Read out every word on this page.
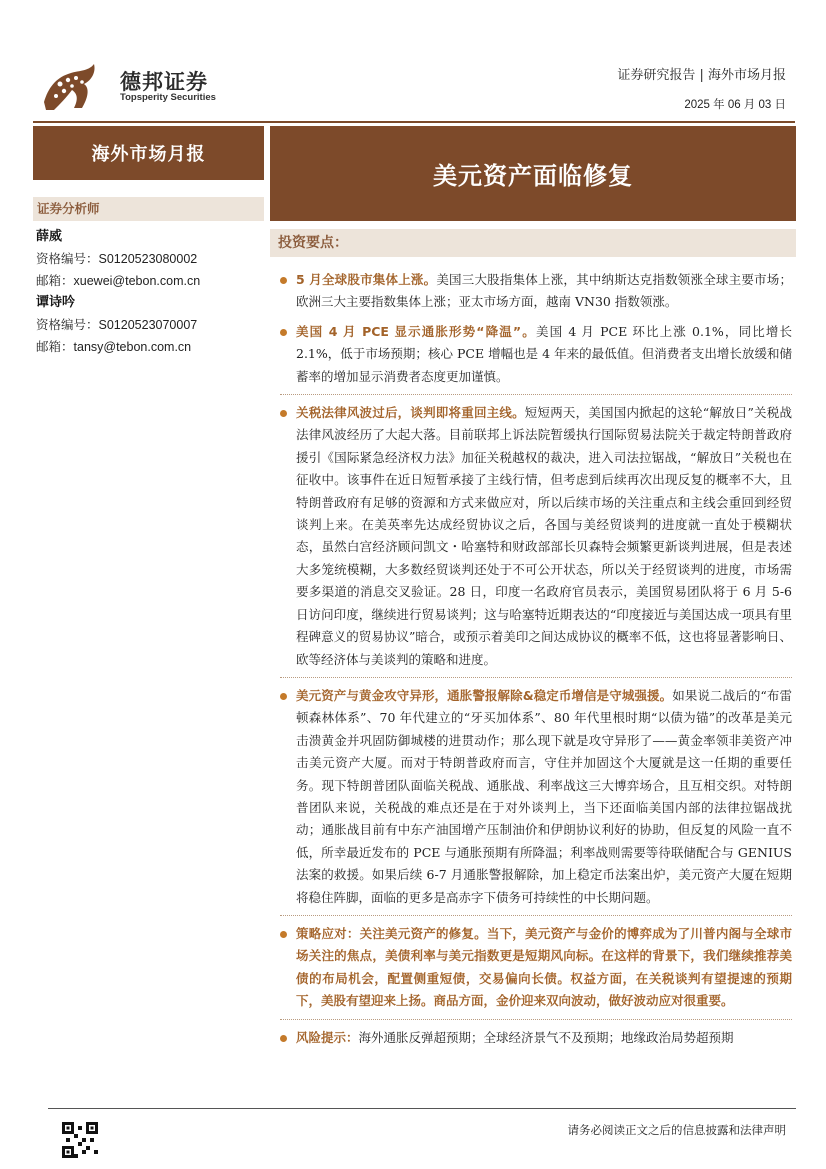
德邦证券
Topsperity Securities
证券研究报告 | 海外市场月报
2025 年 06 月 03 日
海外市场月报
美元资产面临修复
证券分析师
薛威
资格编号：S0120523080002
邮箱：xuewei@tebon.com.cn
谭诗吟
资格编号：S0120523070007
邮箱：tansy@tebon.com.cn
投资要点：
5 月全球股市集体上涨。美国三大股指集体上涨，其中纳斯达克指数领涨全球主要市场；欧洲三大主要指数集体上涨；亚太市场方面，越南 VN30 指数领涨。
美国 4 月 PCE 显示通胀形势“降温”。美国 4 月 PCE 环比上涨 0.1%，同比增长 2.1%，低于市场预期；核心 PCE 增幅也是 4 年来的最低值。但消费者支出增长放缓和储蓄率的增加显示消费者态度更加谨慎。
关税法律风波过后，谈判即将重回主线。短短两天，美国国内掀起的这轮“解放日”关税战法律风波经历了大起大落。目前联邦上诉法院暂缓执行国际贸易法院关于裁定特朗普政府援引《国际紧急经济权力法》加征关税越权的裁决，进入司法拉锯战，“解放日”关税也在征收中。该事件在近日短暂承接了主线行情，但考虑到后续再次出现反复的概率不大，且特朗普政府有足够的资源和方式来做应对，所以后续市场的关注重点和主线会重回到经贸谈判上来。在美英率先达成经贸协议之后，各国与美经贸谈判的进度就一直处于模糊状态，虽然白宫经济顾问凯文・哈塞特和财政部部长贝森特会频繁更新谈判进展，但是表述大多笼统模糊，大多数经贸谈判还处于不可公开状态，所以关于经贸谈判的进度，市场需要多渠道的消息交叉验证。28 日，印度一名政府官员表示，美国贸易团队将于 6 月 5-6 日访问印度，继续进行贸易谈判；这与哈塞特近期表达的“印度接近与美国达成一项具有里程碑意义的贸易协议”暗合，或预示着美印之间达成协议的概率不低，这也将显著影响日、欧等经济体与美谈判的策略和进度。
美元资产与黄金攻守异形，通胀警报解除&稳定币增信是守城强援。如果说二战后的“布雷顿森林体系”、70 年代建立的“牙买加体系”、80 年代里根时期“以债为锚”的改革是美元击溃黄金并巩固防御城楼的进贯动作；那么现下就是攻守异形了——黄金率领非美资产冲击美元资产大厦。而对于特朗普政府而言，守住并加固这个大厦就是这一任期的重要任务。现下特朗普团队面临关税战、通胀战、利率战这三大博弈场合，且互相交织。对特朗普团队来说，关税战的难点还是在于对外谈判上，当下还面临美国内部的法律拉锯战扰动；通胀战目前有中东产油国增产压制油价和伊朗协议利好的协助，但反复的风险一直不低，所幸最近发布的 PCE 与通胀预期有所降温；利率战则需要等待联储配合与 GENIUS 法案的救援。如果后续 6-7 月通胀警报解除，加上稳定币法案出炉，美元资产大厦在短期将稳住阵脚，面临的更多是高赤字下债务可持续性的中长期问题。
策略应对：关注美元资产的修复。当下，美元资产与金价的博弈成为了川普内阁与全球市场关注的焦点，美债利率与美元指数更是短期风向标。在这样的背景下，我们继续推荐美债的布局机会，配置侧重短债，交易偏向长债。权益方面，在关税谈判有望提速的预期下，美股有望迎来上扬。商品方面，金价迎来双向波动，做好波动应对很重要。
风险提示：海外通胀反弹超预期；全球经济景气不及预期；地缘政治局势超预期
请务必阅读正文之后的信息披露和法律声明
